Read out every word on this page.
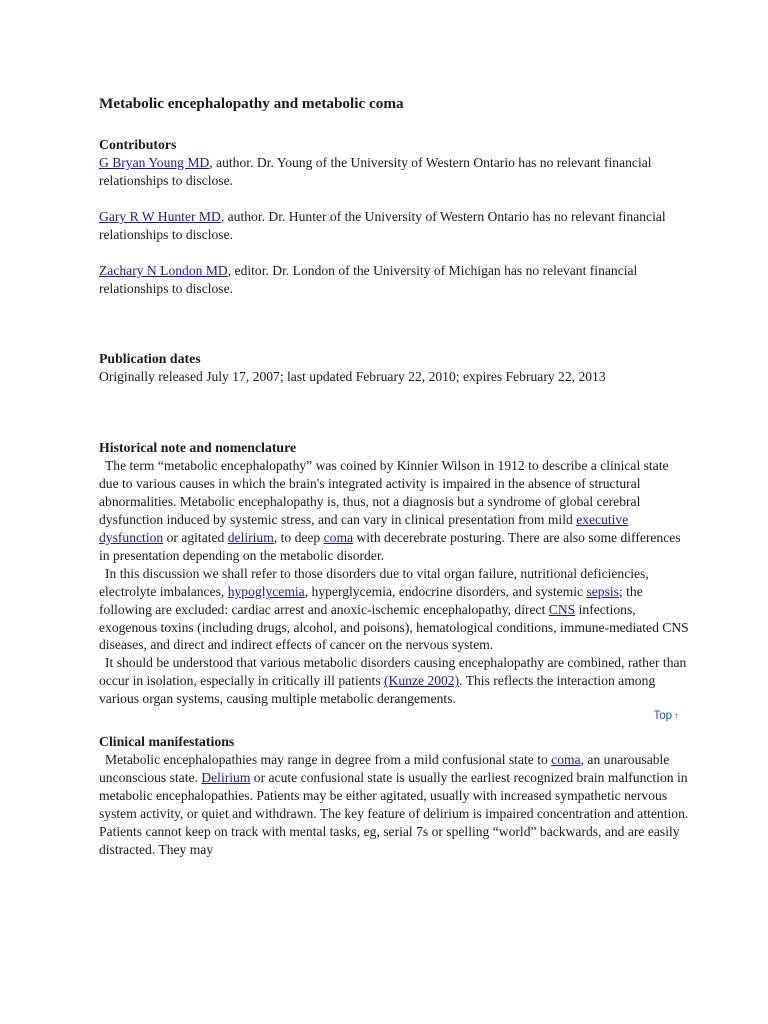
Metabolic encephalopathy and metabolic coma
Contributors

G Bryan Young MD, author. Dr. Young of the University of Western Ontario has no relevant financial relationships to disclose.

Gary R W Hunter MD, author. Dr. Hunter of the University of Western Ontario has no relevant financial relationships to disclose.

Zachary N London MD, editor. Dr. London of the University of Michigan has no relevant financial relationships to disclose.

Publication dates

Originally released July 17, 2007; last updated February 22, 2010; expires February 22, 2013

Historical note and nomenclature

The term “metabolic encephalopathy” was coined by Kinnier Wilson in 1912 to describe a clinical state due to various causes in which the brain's integrated activity is impaired in the absence of structural abnormalities. Metabolic encephalopathy is, thus, not a diagnosis but a syndrome of global cerebral dysfunction induced by systemic stress, and can vary in clinical presentation from mild executive dysfunction or agitated delirium, to deep coma with decerebrate posturing. There are also some differences in presentation depending on the metabolic disorder.

In this discussion we shall refer to those disorders due to vital organ failure, nutritional deficiencies, electrolyte imbalances, hypoglycemia, hyperglycemia, endocrine disorders, and systemic sepsis; the following are excluded: cardiac arrest and anoxic-ischemic encephalopathy, direct CNS infections, exogenous toxins (including drugs, alcohol, and poisons), hematological conditions, immune-mediated CNS diseases, and direct and indirect effects of cancer on the nervous system.

It should be understood that various metabolic disorders causing encephalopathy are combined, rather than occur in isolation, especially in critically ill patients (Kunze 2002). This reflects the interaction among various organ systems, causing multiple metabolic derangements.

Top ↑
Clinical manifestations

Metabolic encephalopathies may range in degree from a mild confusional state to coma, an unarousable unconscious state. Delirium or acute confusional state is usually the earliest recognized brain malfunction in metabolic encephalopathies. Patients may be either agitated, usually with increased sympathetic nervous system activity, or quiet and withdrawn. The key feature of delirium is impaired concentration and attention. Patients cannot keep on track with mental tasks, eg, serial 7s or spelling “world” backwards, and are easily distracted. They may
